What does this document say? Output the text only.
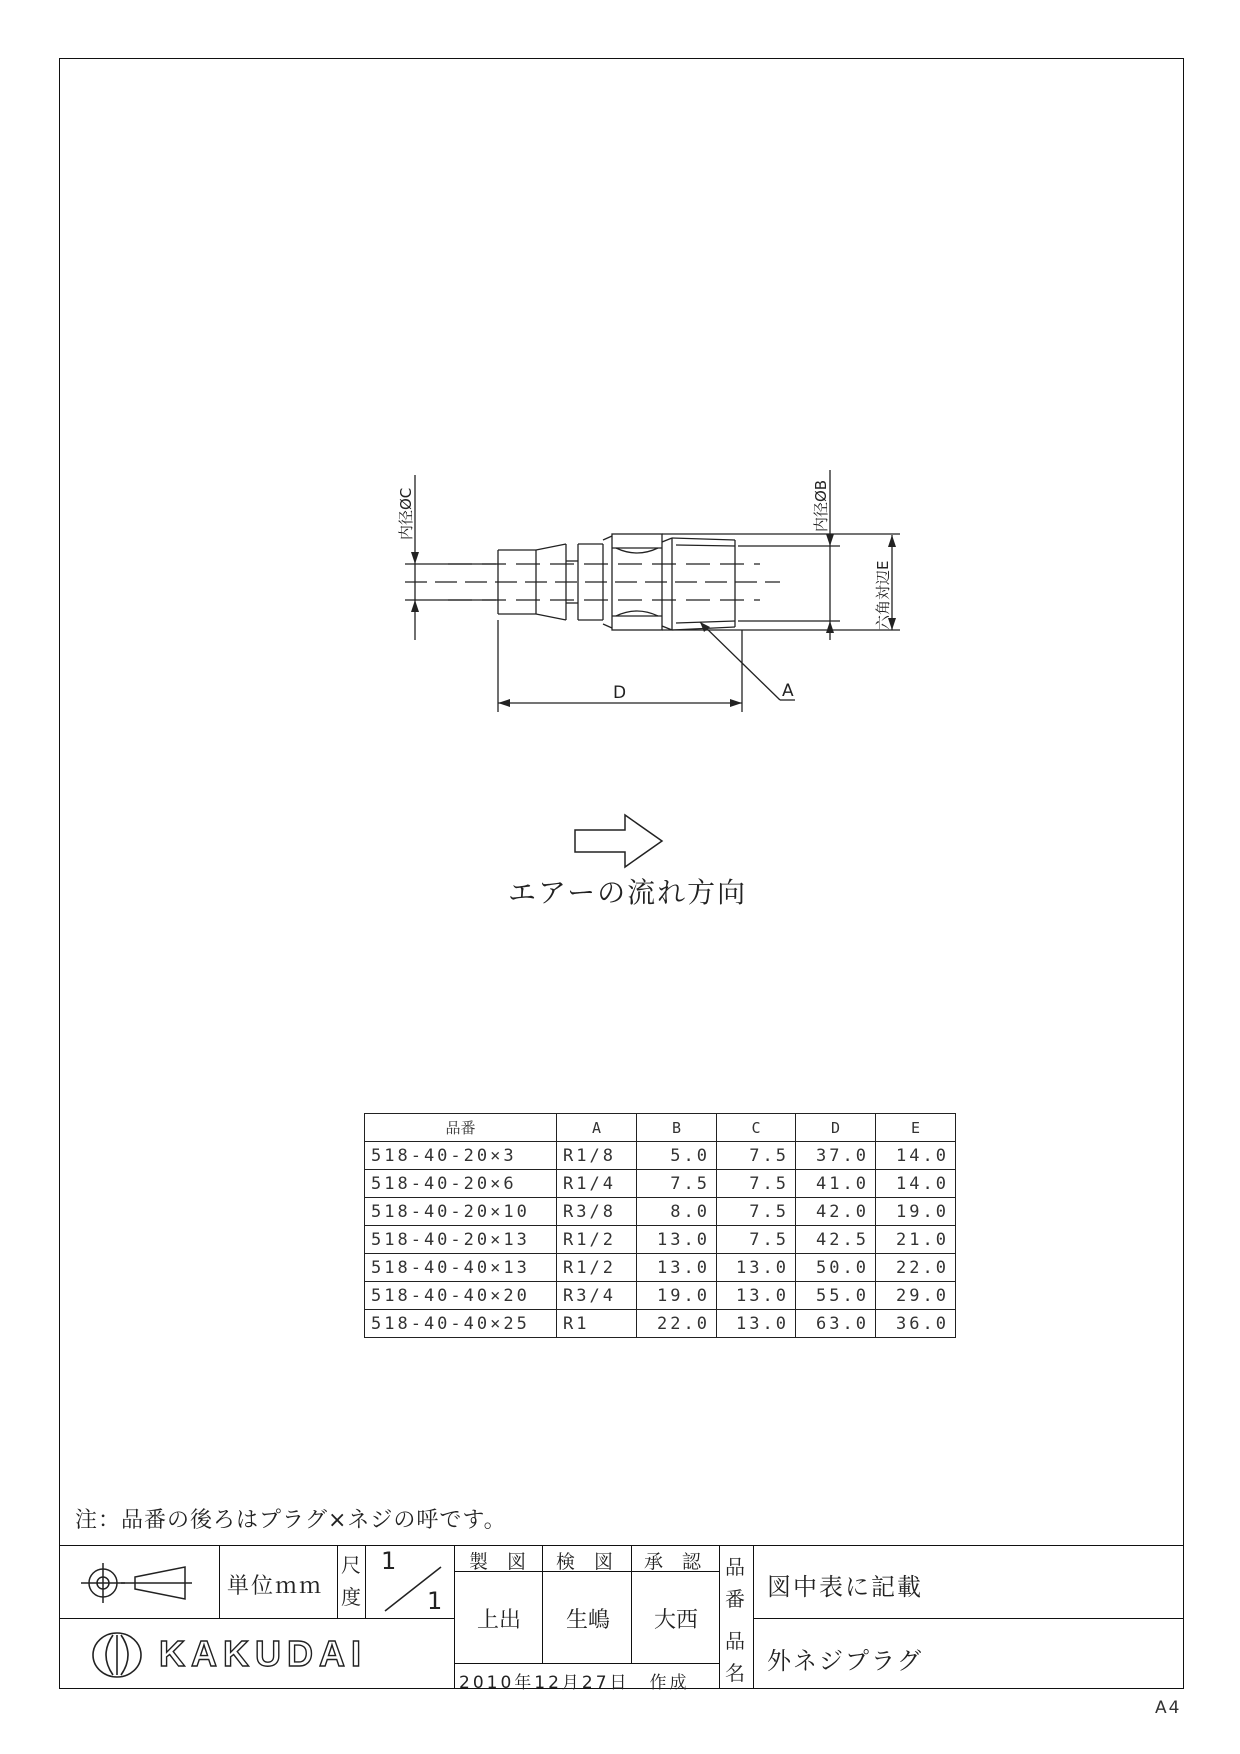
内径ØC	内径ØB
六角対辺E
D	A
エアーの流れ方向
品番	A	B	C	D	E
518-40-20×3	R1/8	5.0	7.5	37.0	14.0
518-40-20×6	R1/4	7.5	7.5	41.0	14.0
518-40-20×10	R3/8	8.0	7.5	42.0	19.0
518-40-20×13	R1/2	13.0	7.5	42.5	21.0
518-40-40×13	R1/2	13.0	13.0	50.0	22.0
518-40-40×20	R3/4	19.0	13.0	55.0	29.0
518-40-40×25	R1	22.0	13.0	63.0	36.0
注：品番の後ろはプラグ×ネジの呼です。
単位ｍｍ
尺
度
1
1
製　図 検　図 承　認
上出 生嶋 大西
品
番 図中表に記載
品
名 外ネジプラグ
KAKUDAI
2010年12月27日　作成
A4
